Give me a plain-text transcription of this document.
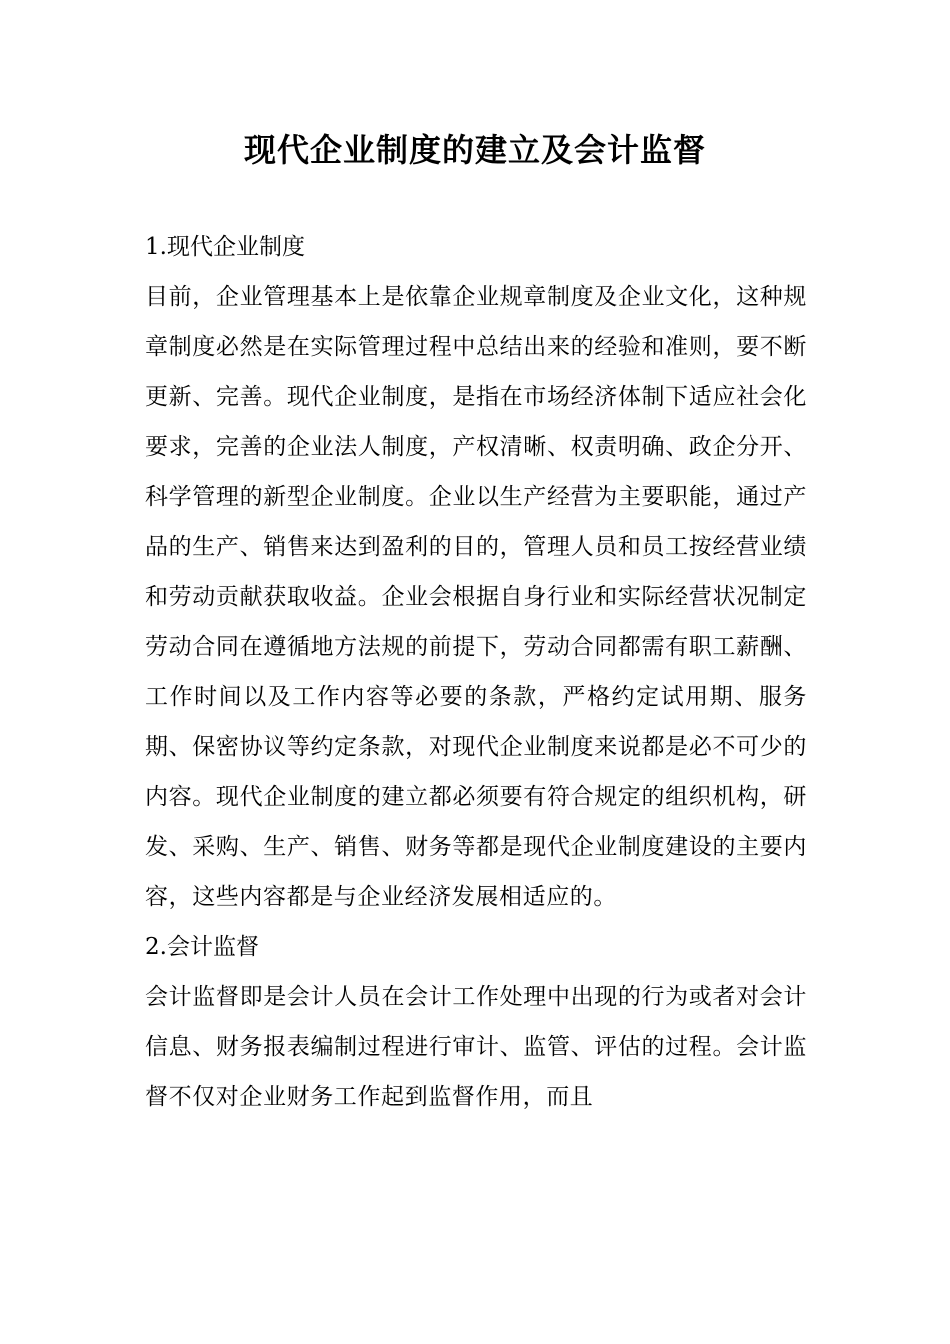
现代企业制度的建立及会计监督

1.现代企业制度

目前，企业管理基本上是依靠企业规章制度及企业文化，这种规章制度必然是在实际管理过程中总结出来的经验和准则，要不断更新、完善。现代企业制度，是指在市场经济体制下适应社会化要求，完善的企业法人制度，产权清晰、权责明确、政企分开、科学管理的新型企业制度。企业以生产经营为主要职能，通过产品的生产、销售来达到盈利的目的，管理人员和员工按经营业绩和劳动贡献获取收益。企业会根据自身行业和实际经营状况制定劳动合同在遵循地方法规的前提下，劳动合同都需有职工薪酬、工作时间以及工作内容等必要的条款，严格约定试用期、服务期、保密协议等约定条款，对现代企业制度来说都是必不可少的内容。现代企业制度的建立都必须要有符合规定的组织机构，研发、采购、生产、销售、财务等都是现代企业制度建设的主要内容，这些内容都是与企业经济发展相适应的。

2.会计监督

会计监督即是会计人员在会计工作处理中出现的行为或者对会计信息、财务报表编制过程进行审计、监管、评估的过程。会计监督不仅对企业财务工作起到监督作用，而且
